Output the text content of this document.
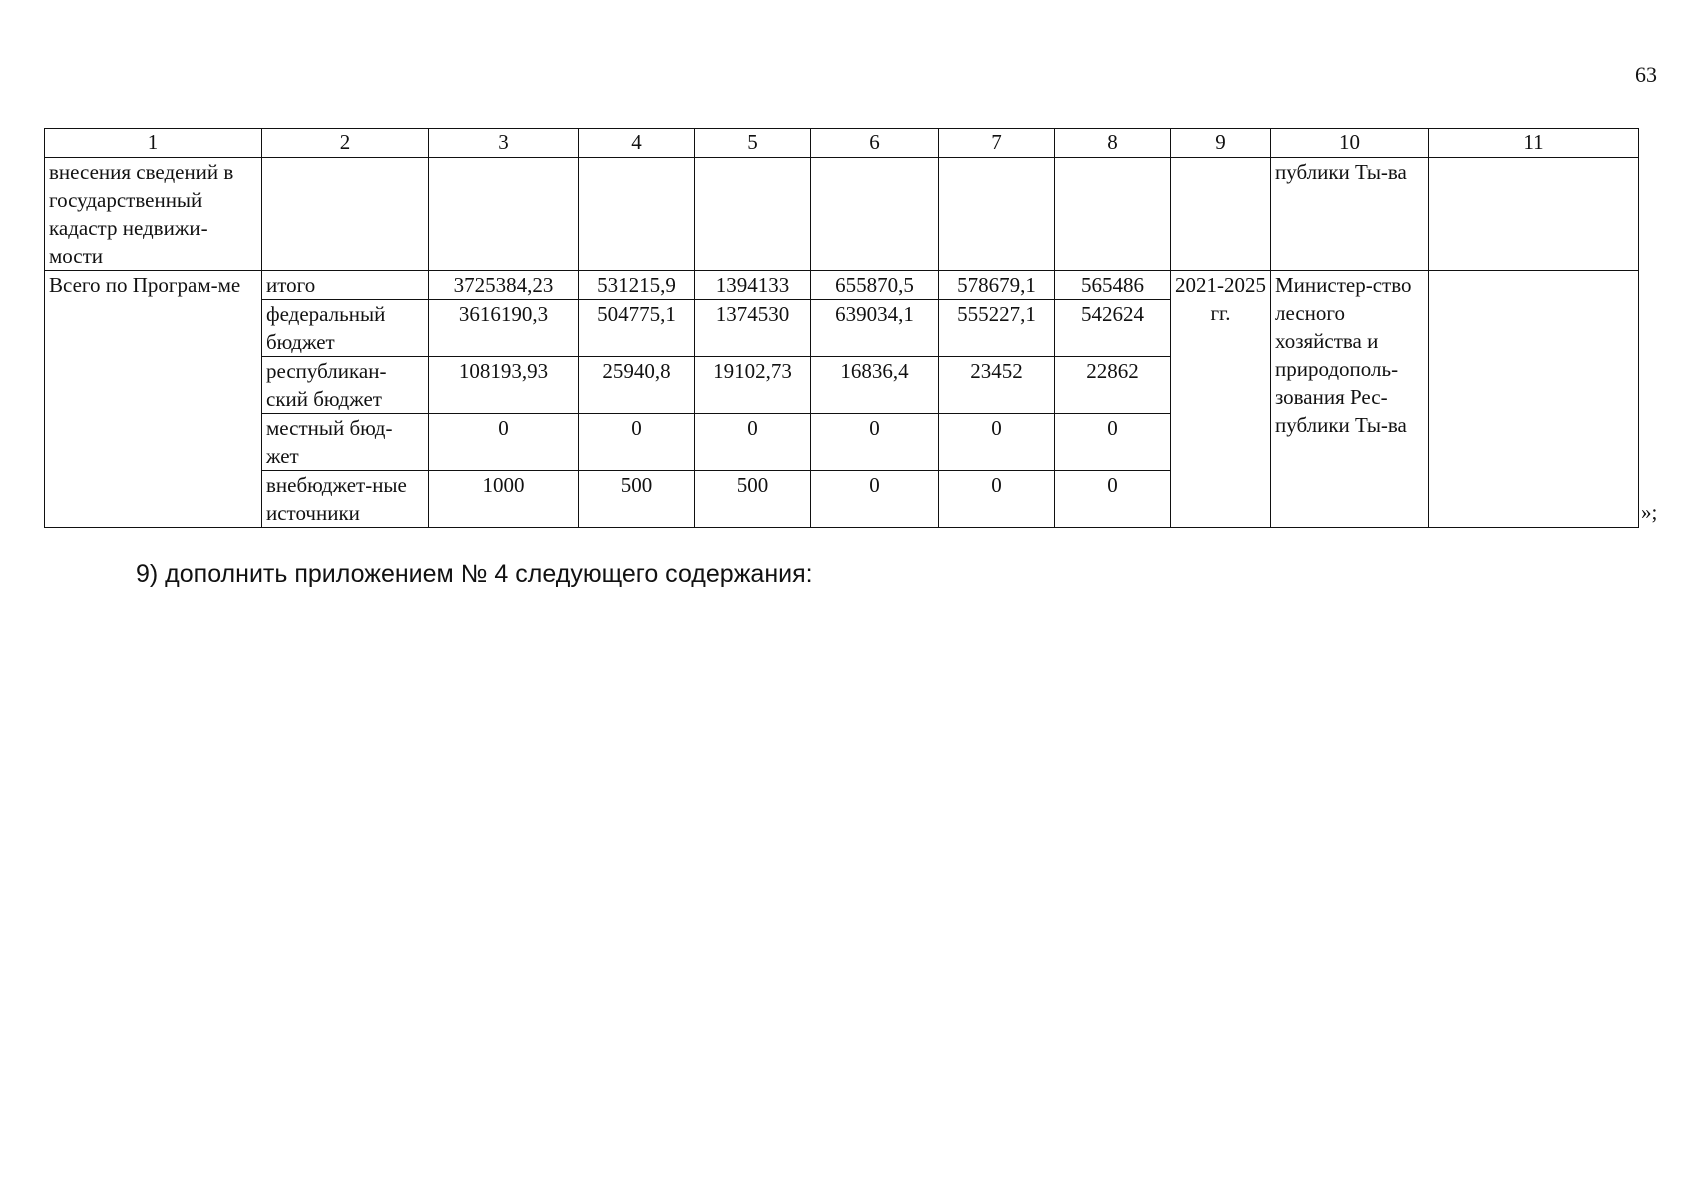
63
1	2	3	4	5	6	7	8	9	10	11
внесения сведений в государственный кадастр недвижи-мости									публики Ты-ва	
Всего по Програм-ме	итого	3725384,23	531215,9	1394133	655870,5	578679,1	565486	2021-2025 гг.	Министер-ство лесного хозяйства и природополь-зования Рес-публики Ты-ва	
	федеральный бюджет	3616190,3	504775,1	1374530	639034,1	555227,1	542624			
	республикан-ский бюджет	108193,93	25940,8	19102,73	16836,4	23452	22862			
	местный бюд-жет	0	0	0	0	0	0			
	внебюджет-ные источники	1000	500	500	0	0	0			
»;
9) дополнить приложением № 4 следующего содержания:
